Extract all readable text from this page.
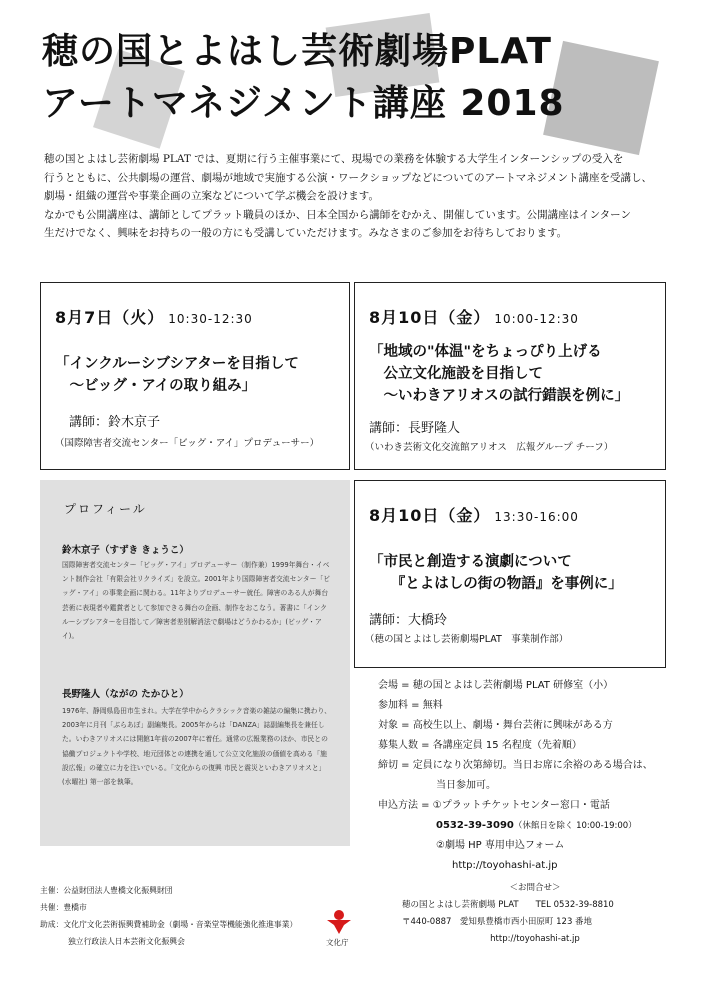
穂の国とよはし芸術劇場PLAT
アートマネジメント講座 2018

穂の国とよはし芸術劇場 PLAT では、夏期に行う主催事業にて、現場での業務を体験する大学生インターンシップの受入を

行うとともに、公共劇場の運営、劇場が地域で実施する公演・ワークショップなどについてのアートマネジメント講座を受講し、

劇場・組織の運営や事業企画の立案などについて学ぶ機会を設けます。

なかでも公開講座は、講師としてプラット職員のほか、日本全国から講師をむかえ、開催しています。公開講座はインターン

生だけでなく、興味をお持ちの一般の方にも受講していただけます。みなさまのご参加をお待ちしております。

8月7日（火） 10:30-12:30
「インクルーシブシアターを目指して
　～ビッグ・アイの取り組み」
講師：鈴木京子
（国際障害者交流センター「ビッグ・アイ」プロデューサー）
8月10日（金） 10:00-12:30
「地域の"体温"をちょっぴり上げる
　公立文化施設を目指して
　～いわきアリオスの試行錯誤を例に」
講師：長野隆人
（いわき芸術文化交流館アリオス　広報グループ チーフ）
8月10日（金） 13:30-16:00
「市民と創造する演劇について
　　『とよはしの街の物語』を事例に」
講師：大橋玲
（穂の国とよはし芸術劇場PLAT　事業制作部）
プロフィール
鈴木京子（すずき きょうこ）
国際障害者交流センター「ビッグ・アイ」プロデューサー（制作兼）1999年舞台・イベント制作会社「有限会社リクライズ」を設立。2001年より国際障害者交流センター「ビッグ・アイ」の事業企画に関わる。11年よりプロデューサー就任。障害のある人が舞台芸術に表現者や鑑賞者として参加できる舞台の企画、制作をおこなう。著書に「インクルーシブシアターを目指して／障害者差別解消法で劇場はどうかわるか」(ビッグ・アイ)。
長野隆人（ながの たかひと）
1976年、静岡県島田市生まれ。大学在学中からクラシック音楽の雑誌の編集に携わり、2003年に月刊「ぶらあぼ」副編集長。2005年からは「DANZA」誌副編集長を兼任した。いわきアリオスには開館1年前の2007年に着任。通常の広報業務のほか、市民との協働プロジェクトや学校、地元団体との連携を通して公立文化施設の価値を高める「施設広報」の確立に力を注いでいる。「文化からの復興 市民と震災といわきアリオスと」(水曜社) 第一部を執筆。
会場 = 穂の国とよはし芸術劇場 PLAT 研修室（小）
参加料 = 無料
対象 = 高校生以上、劇場・舞台芸術に興味がある方
募集人数 = 各講座定員 15 名程度（先着順）
締切 = 定員になり次第締切。当日お席に余裕のある場合は、
当日参加可。
申込方法 = ①プラットチケットセンター窓口・電話
0532-39-3090（休館日を除く 10:00-19:00）
②劇場 HP 専用申込フォーム
http://toyohashi-at.jp
主催：公益財団法人豊橋文化振興財団
共催：豊橋市
助成：文化庁文化芸術振興費補助金（劇場・音楽堂等機能強化推進事業）
独立行政法人日本芸術文化振興会	文化庁
＜お問合せ＞
穂の国とよはし芸術劇場 PLAT　　TEL 0532-39-8810
〒440-0887　愛知県豊橋市西小田原町 123 番地
http://toyohashi-at.jp
